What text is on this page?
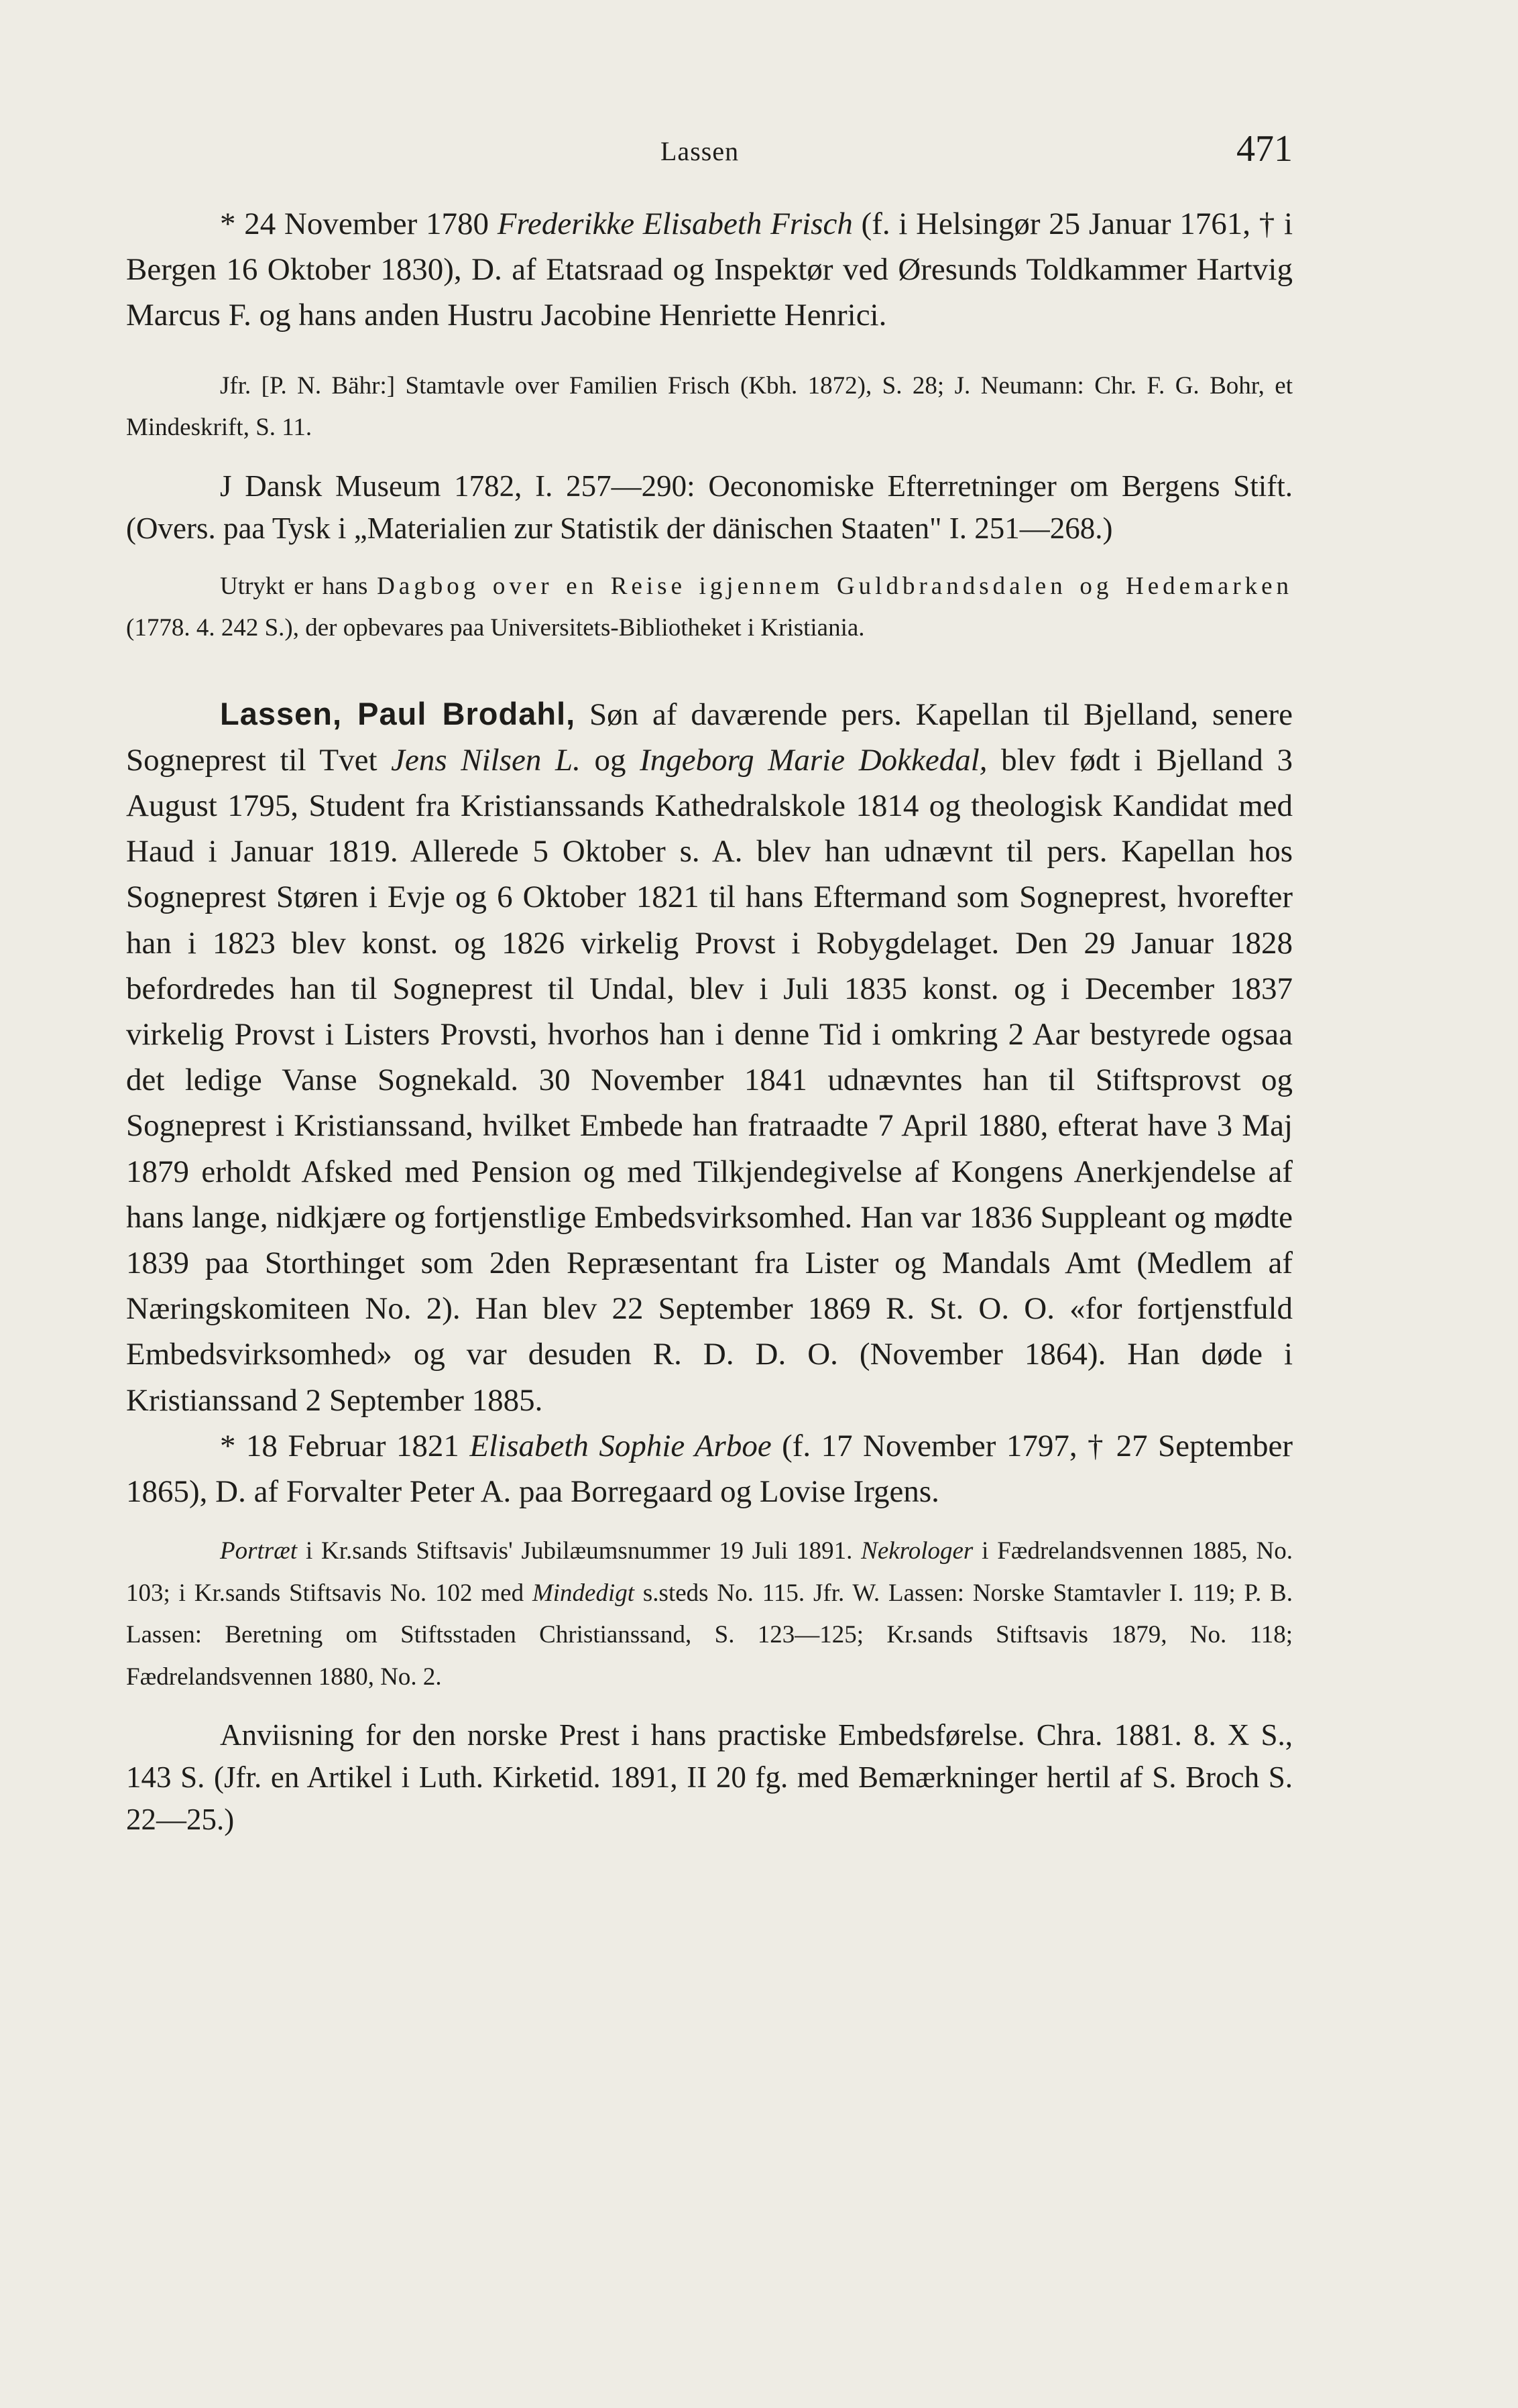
Lassen	471

* 24 November 1780 Frederikke Elisabeth Frisch (f. i Helsingør 25 Januar 1761, † i Bergen 16 Oktober 1830), D. af Etatsraad og Inspektør ved Øresunds Toldkammer Hartvig Marcus F. og hans anden Hustru Jacobine Henriette Henrici.

Jfr. [P. N. Bähr:] Stamtavle over Familien Frisch (Kbh. 1872), S. 28; J. Neumann: Chr. F. G. Bohr, et Mindeskrift, S. 11.

J Dansk Museum 1782, I. 257—290: Oeconomiske Efterretninger om Bergens Stift. (Overs. paa Tysk i „Materialien zur Statistik der dänischen Staaten" I. 251—268.)

Utrykt er hans Dagbog over en Reise igjennem Guldbrandsdalen og Hedemarken (1778. 4. 242 S.), der opbevares paa Universitets-Bibliotheket i Kristiania.

Lassen, Paul Brodahl, Søn af daværende pers. Kapellan til Bjelland, senere Sogneprest til Tvet Jens Nilsen L. og Ingeborg Marie Dokkedal, blev født i Bjelland 3 August 1795, Student fra Kristianssands Kathedralskole 1814 og theologisk Kandidat med Haud i Januar 1819. Allerede 5 Oktober s. A. blev han udnævnt til pers. Kapellan hos Sogneprest Støren i Evje og 6 Oktober 1821 til hans Eftermand som Sogneprest, hvorefter han i 1823 blev konst. og 1826 virkelig Provst i Robygdelaget. Den 29 Januar 1828 befordredes han til Sogneprest til Undal, blev i Juli 1835 konst. og i December 1837 virkelig Provst i Listers Provsti, hvorhos han i denne Tid i omkring 2 Aar bestyrede ogsaa det ledige Vanse Sognekald. 30 November 1841 udnævntes han til Stiftsprovst og Sogneprest i Kristianssand, hvilket Embede han fratraadte 7 April 1880, efterat have 3 Maj 1879 erholdt Afsked med Pension og med Tilkjendegivelse af Kongens Anerkjendelse af hans lange, nidkjære og fortjenstlige Embedsvirksomhed. Han var 1836 Suppleant og mødte 1839 paa Storthinget som 2den Repræsentant fra Lister og Mandals Amt (Medlem af Næringskomiteen No. 2). Han blev 22 September 1869 R. St. O. O. «for fortjenstfuld Embedsvirksomhed» og var desuden R. D. D. O. (November 1864). Han døde i Kristianssand 2 September 1885.

* 18 Februar 1821 Elisabeth Sophie Arboe (f. 17 November 1797, † 27 September 1865), D. af Forvalter Peter A. paa Borregaard og Lovise Irgens.

Portræt i Kr.sands Stiftsavis' Jubilæumsnummer 19 Juli 1891. Nekrologer i Fædrelandsvennen 1885, No. 103; i Kr.sands Stiftsavis No. 102 med Mindedigt s.steds No. 115. Jfr. W. Lassen: Norske Stamtavler I. 119; P. B. Lassen: Beretning om Stiftsstaden Christianssand, S. 123—125; Kr.sands Stiftsavis 1879, No. 118; Fædrelandsvennen 1880, No. 2.

Anviisning for den norske Prest i hans practiske Embedsførelse. Chra. 1881. 8. X S., 143 S. (Jfr. en Artikel i Luth. Kirketid. 1891, II 20 fg. med Bemærkninger hertil af S. Broch S. 22—25.)
